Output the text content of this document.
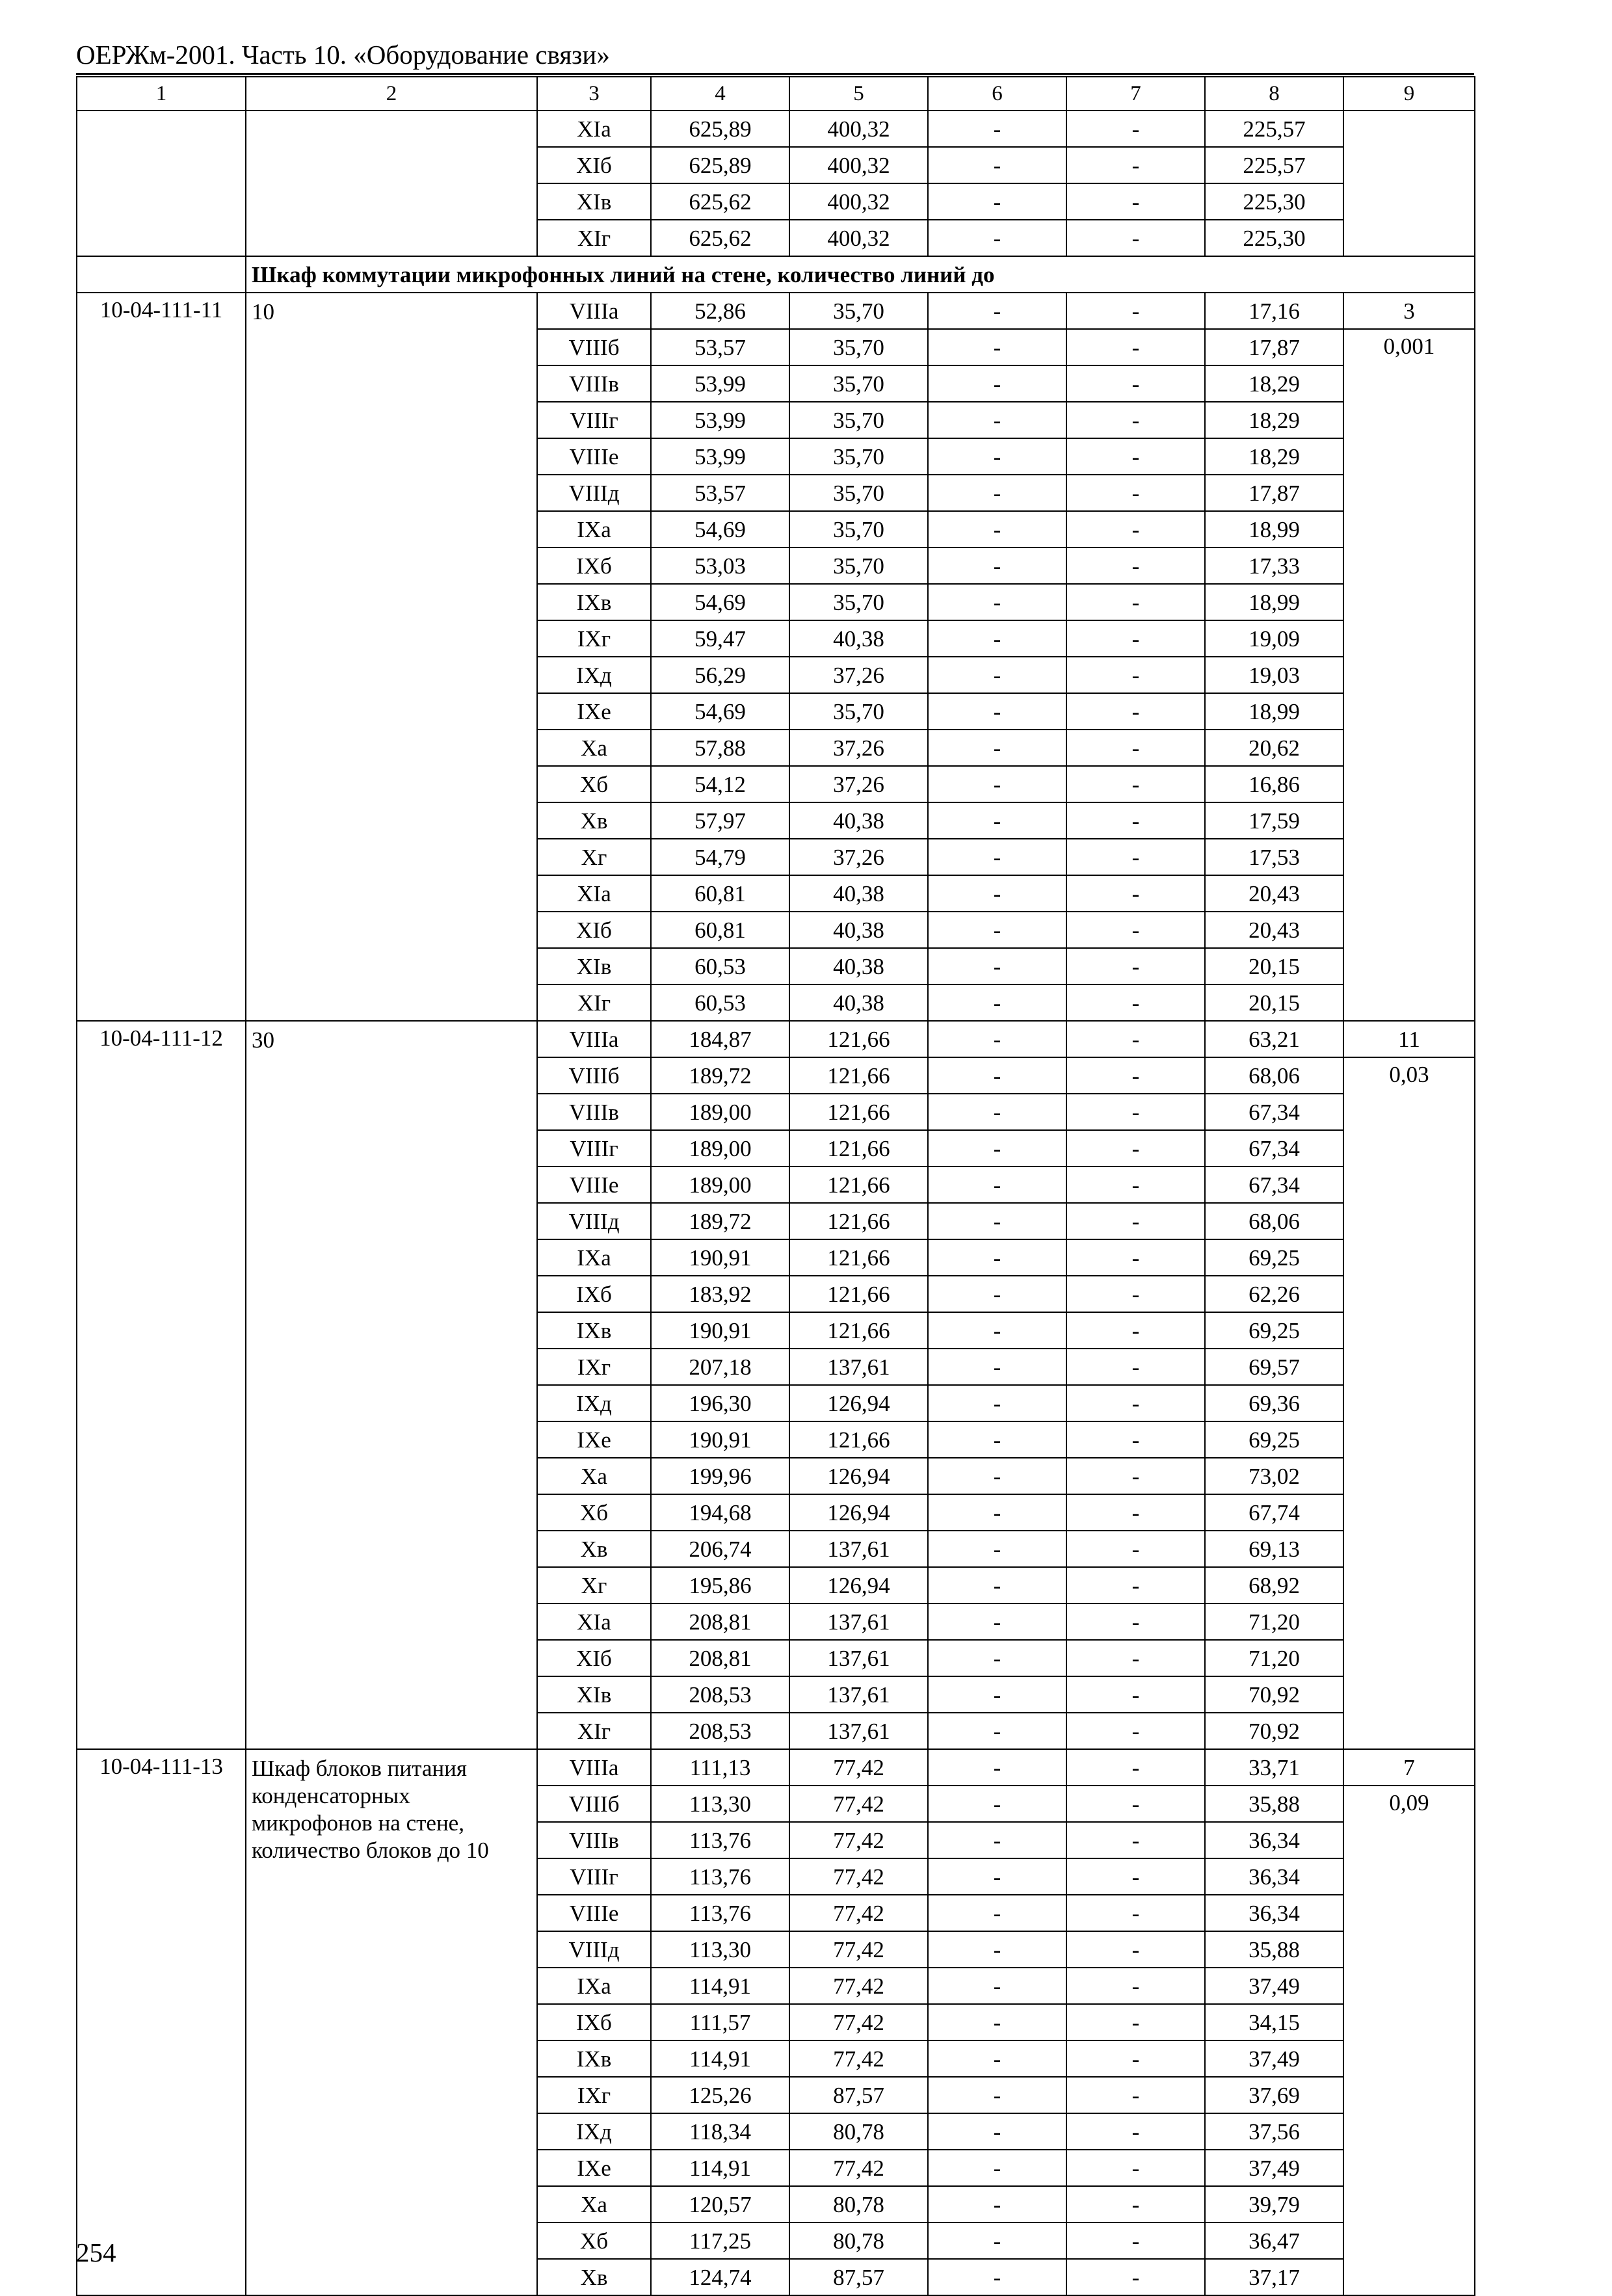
ОЕРЖм-2001. Часть 10. «Оборудование связи»
1	2	3	4	5	6	7	8	9
		XIа	625,89	400,32	-	-	225,57	
		XIб	625,89	400,32	-	-	225,57	
		XIв	625,62	400,32	-	-	225,30	
		XIг	625,62	400,32	-	-	225,30	
	Шкаф коммутации микрофонных линий на стене, количество линий до							
10-04-111-11	10	VIIIа	52,86	35,70	-	-	17,16	3
		VIIIб	53,57	35,70	-	-	17,87	0,001
		VIIIв	53,99	35,70	-	-	18,29	
		VIIIг	53,99	35,70	-	-	18,29	
		VIIIе	53,99	35,70	-	-	18,29	
		VIIIд	53,57	35,70	-	-	17,87	
		IXа	54,69	35,70	-	-	18,99	
		IXб	53,03	35,70	-	-	17,33	
		IXв	54,69	35,70	-	-	18,99	
		IXг	59,47	40,38	-	-	19,09	
		IXд	56,29	37,26	-	-	19,03	
		IXе	54,69	35,70	-	-	18,99	
		Xа	57,88	37,26	-	-	20,62	
		Xб	54,12	37,26	-	-	16,86	
		Xв	57,97	40,38	-	-	17,59	
		Xг	54,79	37,26	-	-	17,53	
		XIа	60,81	40,38	-	-	20,43	
		XIб	60,81	40,38	-	-	20,43	
		XIв	60,53	40,38	-	-	20,15	
		XIг	60,53	40,38	-	-	20,15	
10-04-111-12	30	VIIIа	184,87	121,66	-	-	63,21	11
		VIIIб	189,72	121,66	-	-	68,06	0,03
		VIIIв	189,00	121,66	-	-	67,34	
		VIIIг	189,00	121,66	-	-	67,34	
		VIIIе	189,00	121,66	-	-	67,34	
		VIIIд	189,72	121,66	-	-	68,06	
		IXа	190,91	121,66	-	-	69,25	
		IXб	183,92	121,66	-	-	62,26	
		IXв	190,91	121,66	-	-	69,25	
		IXг	207,18	137,61	-	-	69,57	
		IXд	196,30	126,94	-	-	69,36	
		IXе	190,91	121,66	-	-	69,25	
		Xа	199,96	126,94	-	-	73,02	
		Xб	194,68	126,94	-	-	67,74	
		Xв	206,74	137,61	-	-	69,13	
		Xг	195,86	126,94	-	-	68,92	
		XIа	208,81	137,61	-	-	71,20	
		XIб	208,81	137,61	-	-	71,20	
		XIв	208,53	137,61	-	-	70,92	
		XIг	208,53	137,61	-	-	70,92	
10-04-111-13	Шкаф блоков питания конденсаторных микрофонов на стене, количество блоков до 10	VIIIа	111,13	77,42	-	-	33,71	7
		VIIIб	113,30	77,42	-	-	35,88	0,09
		VIIIв	113,76	77,42	-	-	36,34	
		VIIIг	113,76	77,42	-	-	36,34	
		VIIIе	113,76	77,42	-	-	36,34	
		VIIIд	113,30	77,42	-	-	35,88	
		IXа	114,91	77,42	-	-	37,49	
		IXб	111,57	77,42	-	-	34,15	
		IXв	114,91	77,42	-	-	37,49	
		IXг	125,26	87,57	-	-	37,69	
		IXд	118,34	80,78	-	-	37,56	
		IXе	114,91	77,42	-	-	37,49	
		Xа	120,57	80,78	-	-	39,79	
		Xб	117,25	80,78	-	-	36,47	
		Xв	124,74	87,57	-	-	37,17	
254
